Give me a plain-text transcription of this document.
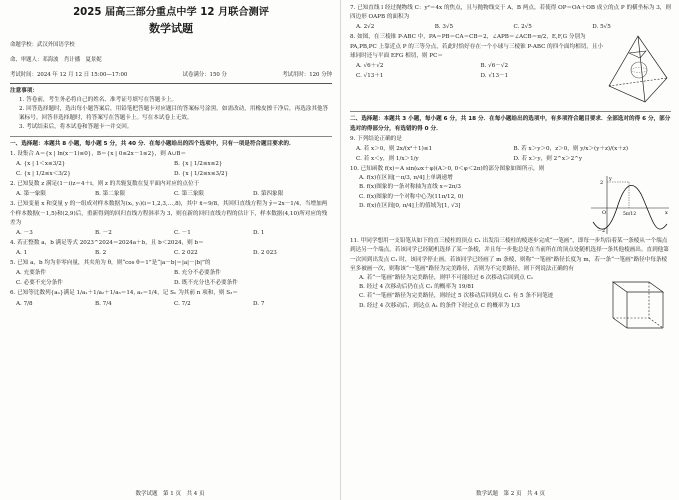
2025 届高三部分重点中学 12 月联合测评

数学试题

命题学校：武汉外国语学校

命、审题人：邓海波　肖计播　夏景妮

考试时间：2024 年 12 月 12 日 15:00—17:00	试卷满分：150 分	考试用时：120 分钟

注意事项：

1. 答卷前，考生务必将自己的姓名、准考证号填写在答题卡上。

2. 回答选择题时，选出每小题答案后，用铅笔把答题卡对应题目的答案标号涂黑。如需改动，用橡皮擦干净后，再选涂其他答案标号。回答非选择题时，将答案写在答题卡上。写在本试卷上无效。

3. 考试结束后，将本试卷和答题卡一并交回。

一、选择题：本题共 8 小题，每小题 5 分，共 40 分．在每小题给出的四个选项中，只有一项是符合题目要求的．

1. 设集合 A＝{x | ln(x－1)≤0}，B＝{x | 0≤2x－1≤2}，则 A∪B＝

A. {x | 1＜x≤3/2}	B. {x | 1/2≤x≤2}
C. {x | 1/2≤x＜3/2}	D. {x | 1/2≤x≤3/2}

2. 已知复数 z 满足(1－i)z＝4＋i，则 z 的共轭复数在复平面内对应的点位于

A. 第一象限	B. 第二象限	C. 第三象限	D. 第四象限

3. 已知变量 x 和变量 y 的一组成对样本数据为(xᵢ, yᵢ)(i＝1,2,3,…,8)，其中 x̄＝9/8，其回归直线方程为 ŷ＝2x－1/4，当增加两个样本数据(－1,5)和(2,9)后，重新得到的回归直线方程斜率为 3，则在新的回归直线方程的估计下，样本数据(4,10)所对应的残差为

A. －3	B. －2	C. －1	D. 1

4. 若正整数 a，b 满足等式 2023^2024＝2024a＋b，且 b＜2024，则 b＝

A. 1	B. 2	C. 2 022	D. 2 023

5. 已知 a，b 均为非零向量，其夹角为 θ，则“cos θ＝1”是“|a－b|＝|a|－|b|”的

A. 充要条件	B. 充分不必要条件
C. 必要不充分条件	D. 既不充分也不必要条件

6. 已知等比数列{aₙ}满足 1/a₁＋1/a₂＋1/a₃＝14, a₂＝1/4，记 Sₙ 为其前 n 项和，则 S₃＝

A. 7/8	B. 7/4	C. 7/2	D. 7
数学试题　第 1 页　共 4 页

7. 已知直线 l 经过抛物线 C：y²＝4x 的焦点，且与抛物线交于 A，B 两点，若使得 OP＝OA＋OB 成立的点 P 的横坐标为 3，则四边形 OAPB 的面积为

A. 2√2	B. 3√5	C. 2√5	D. 5√5

8. 如图，在三棱锥 P-ABC 中，PA＝PB＝CA＝CB＝2，∠APB＝∠ACB＝π/2，E,F,G 分别为 PA,PB,PC 上靠近点 P 的三等分点，若此时恰好存在一个小球与三棱锥 P-ABC 的四个面均相切，且小球同时还与平面 EFG 相切，则 PC＝

A. √6＋√2	B. √6－√2
C. √13＋1	D. √13－1

二、选择题：本题共 3 小题，每小题 6 分，共 18 分．在每小题给出的选项中，有多项符合题目要求．全部选对的得 6 分，部分选对的得部分分，有选错的得 0 分．

9. 下列结论正确的是

A. 若 x＞0，则 2x/(x²＋1)≤1	B. 若 x＞y＞0，z＞0，则 y/x＞(y＋z)/(x＋z)
C. 若 x＜y，则 1/x＞1/y	D. 若 x＞y，则 2^x＞2^y

10. 已知函数 f(x)＝A sin(ωx＋φ)(A＞0, 0＜φ＜2π)的部分图象如图所示，则

A. f(x)在区间[－π/3, π/4]上单调递增

B. f(x)图象的一条对称轴为直线 x＝2π/3

C. f(x)图象的一个对称中心为(11π/12, 0)

D. f(x)在区间[0, π/4]上的值域为[1, √3]

2
－2
O	5π/12	x
y

11. 甲同学想用一支铅笔从如下的直三棱柱的顶点 C₁ 出发沿三棱柱的棱逐步完成“一笔画”，即每一步均沿着某一条棱从一个端点到达另一个端点，若该同学已经随机选择了某一条棱，并且每一步他总是在当前所在的顶点处随机选择一条其他棱画出。直到他第一次回到出发点 C₁ 时，该同学停止画。若该同学已经画了 m 条棱，则称“一笔画”路径长度为 m，若一条“一笔画”路径中每条棱至多被画一次，则称该“一笔画”路径为完美路径，否则为不完美路径，则下列说法正确的有

A. 若“一笔画”路径为完美路径，则甲不可能经过 6 次移动后回到点 C₁

B. 经过 4 次移动后仍在点 C₁ 的概率为 19/81

C. 若“一笔画”路径为完美路径，则经过 5 次移动后回到点 C₁ 有 5 条不同笔迹

D. 经过 4 次移动后，到达点 A₁ 的条件下经过点 C 的概率为 1/3

数学试题　第 2 页　共 4 页
